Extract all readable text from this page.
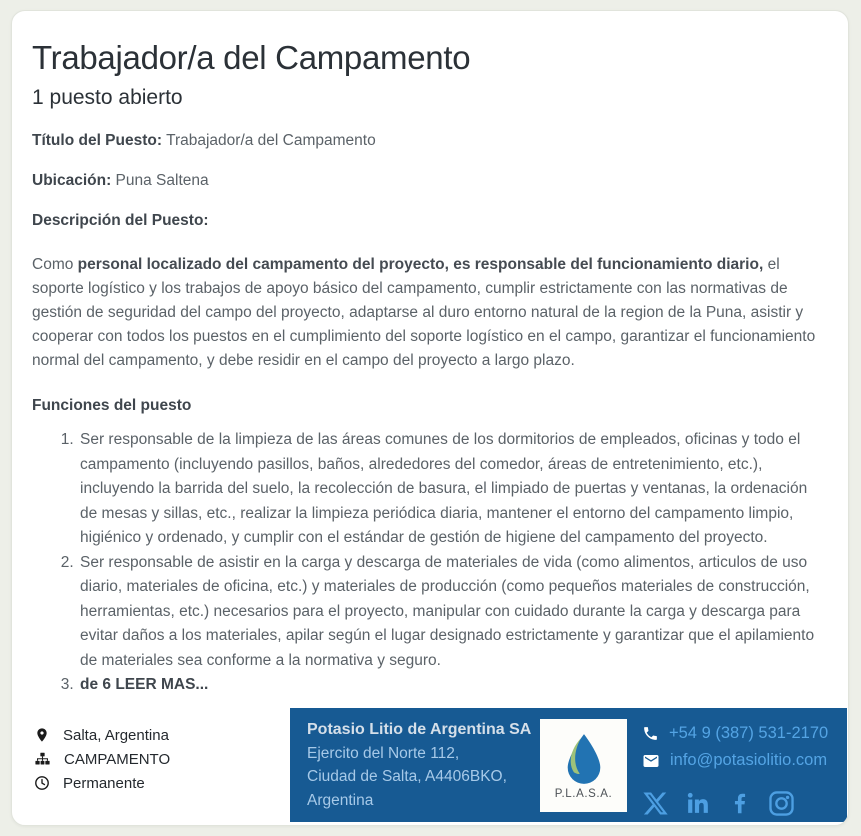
Trabajador/a del Campamento
1 puesto abierto

Título del Puesto: Trabajador/a del Campamento

Ubicación: Puna Saltena

Descripción del Puesto:

Como personal localizado del campamento del proyecto, es responsable del funcionamiento diario, el soporte logístico y los trabajos de apoyo básico del campamento, cumplir estrictamente con las normativas de gestión de seguridad del campo del proyecto, adaptarse al duro entorno natural de la region de la Puna, asistir y cooperar con todos los puestos en el cumplimiento del soporte logístico en el campo, garantizar el funcionamiento normal del campamento, y debe residir en el campo del proyecto a largo plazo.

Funciones del puesto

1. Ser responsable de la limpieza de las áreas comunes de los dormitorios de empleados, oficinas y todo el campamento (incluyendo pasillos, baños, alrededores del comedor, áreas de entretenimiento, etc.), incluyendo la barrida del suelo, la recolección de basura, el limpiado de puertas y ventanas, la ordenación de mesas y sillas, etc., realizar la limpieza periódica diaria, mantener el entorno del campamento limpio, higiénico y ordenado, y cumplir con el estándar de gestión de higiene del campamento del proyecto.
2. Ser responsable de asistir en la carga y descarga de materiales de vida (como alimentos, articulos de uso diario, materiales de oficina, etc.) y materiales de producción (como pequeños materiales de construcción, herramientas, etc.) necesarios para el proyecto, manipular con cuidado durante la carga y descarga para evitar daños a los materiales, apilar según el lugar designado estrictamente y garantizar que el apilamiento de materiales sea conforme a la normativa y seguro.
3. de 6 LEER MAS...
Salta, Argentina
CAMPAMENTO
Permanente
Potasio Litio de Argentina SA
Ejercito del Norte 112,
Ciudad de Salta, A4406BKO,
Argentina	P.L.A.S.A.
+54 9 (387) 531-2170
info@potasiolitio.com
